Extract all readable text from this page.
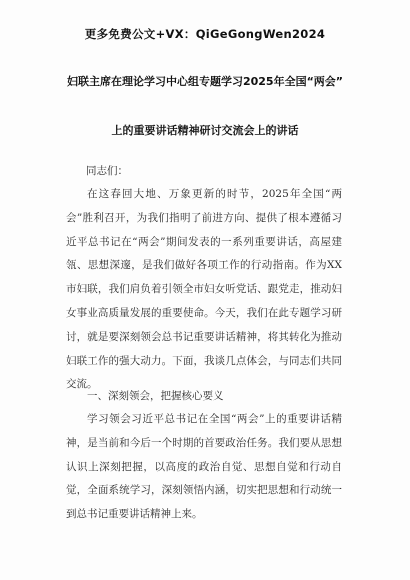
更多免费公文+VX：QiGeGongWen2024
妇联主席在理论学习中心组专题学习2025年全国“两会”
上的重要讲话精神研讨交流会上的讲话
同志们：
在这春回大地、万象更新的时节，2025年全国“两会”胜利召开，为我们指明了前进方向、提供了根本遵循习近平总书记在“两会”期间发表的一系列重要讲话，高屋建瓴、思想深邃，是我们做好各项工作的行动指南。作为XX市妇联，我们肩负着引领全市妇女听党话、跟党走，推动妇女事业高质量发展的重要使命。今天，我们在此专题学习研讨，就是要深刻领会总书记重要讲话精神，将其转化为推动妇联工作的强大动力。下面，我谈几点体会，与同志们共同交流。
一、深刻领会，把握核心要义
学习领会习近平总书记在全国“两会”上的重要讲话精神，是当前和今后一个时期的首要政治任务。我们要从思想认识上深刻把握，以高度的政治自觉、思想自觉和行动自觉，全面系统学习，深刻领悟内涵，切实把思想和行动统一到总书记重要讲话精神上来。
